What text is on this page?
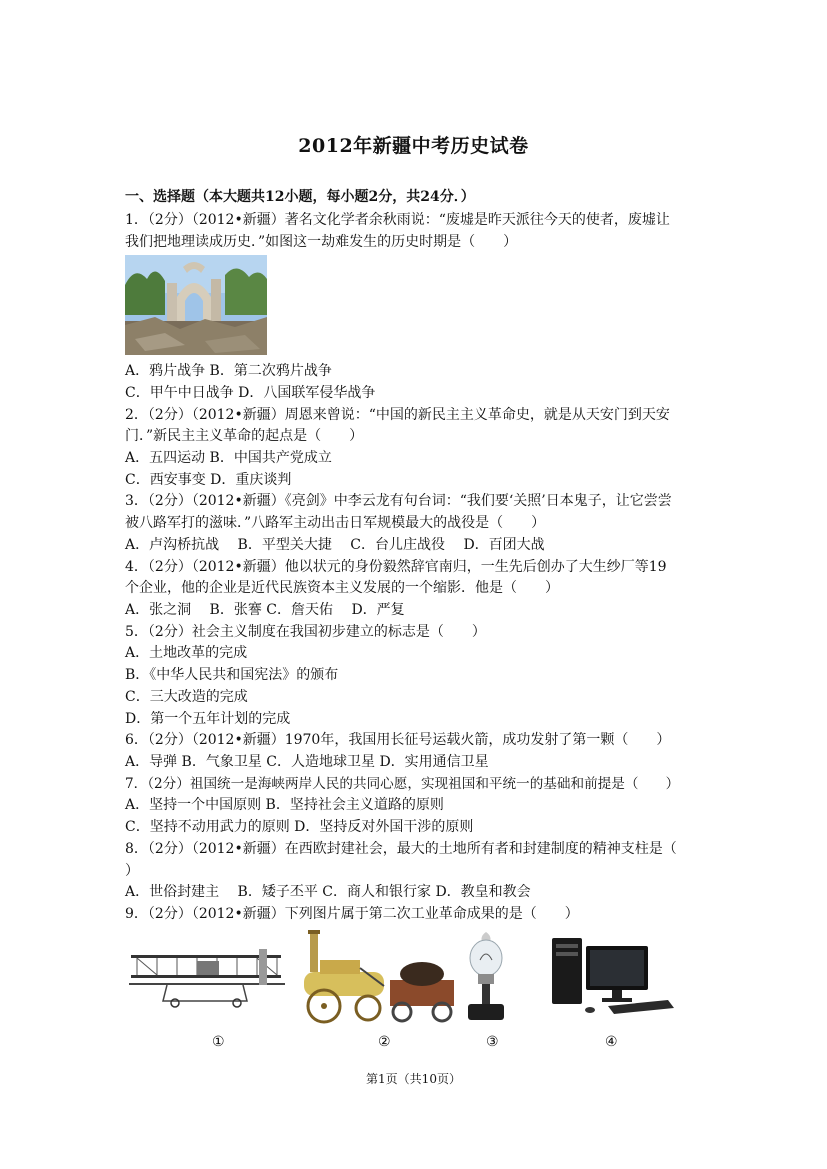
2012年新疆中考历史试卷
一、选择题（本大题共12小题，每小题2分，共24分．）
1．（2分）（2012•新疆）著名文化学者余秋雨说：“废墟是昨天派往今天的使者，废墟让
我们把地理读成历史．”如图这一劫难发生的历史时期是（　　）
A．鸦片战争 B．第二次鸦片战争
C．甲午中日战争 D．八国联军侵华战争
2．（2分）（2012•新疆）周恩来曾说：“中国的新民主主义革命史，就是从天安门到天安
门．”新民主主义革命的起点是（　　）
A．五四运动 B．中国共产党成立
C．西安事变 D．重庆谈判
3．（2分）（2012•新疆）《亮剑》中李云龙有句台词：“我们要‘关照’日本鬼子，让它尝尝
被八路军打的滋味．”八路军主动出击日军规模最大的战役是（　　）
A．卢沟桥抗战　 B．平型关大捷　 C．台儿庄战役　 D．百团大战
4．（2分）（2012•新疆）他以状元的身份毅然辞官南归，一生先后创办了大生纱厂等19
个企业，他的企业是近代民族资本主义发展的一个缩影．他是（　　）
A．张之洞　 B．张謇 C．詹天佑　 D．严复
5．（2分）社会主义制度在我国初步建立的标志是（　　）
A．土地改革的完成
B．《中华人民共和国宪法》的颁布
C．三大改造的完成
D．第一个五年计划的完成
6．（2分）（2012•新疆）1970年，我国用长征号运载火箭，成功发射了第一颗（　　）
A．导弹 B．气象卫星 C．人造地球卫星 D．实用通信卫星
7．（2分）祖国统一是海峡两岸人民的共同心愿，实现祖国和平统一的基础和前提是（　　）
A．坚持一个中国原则 B．坚持社会主义道路的原则
C．坚持不动用武力的原则 D．坚持反对外国干涉的原则
8．（2分）（2012•新疆）在西欧封建社会，最大的土地所有者和封建制度的精神支柱是（
）
A．世俗封建主　 B．矮子丕平 C．商人和银行家 D．教皇和教会
9．（2分）（2012•新疆）下列图片属于第二次工业革命成果的是（　　）
①	②	③	④
第1页（共10页）
